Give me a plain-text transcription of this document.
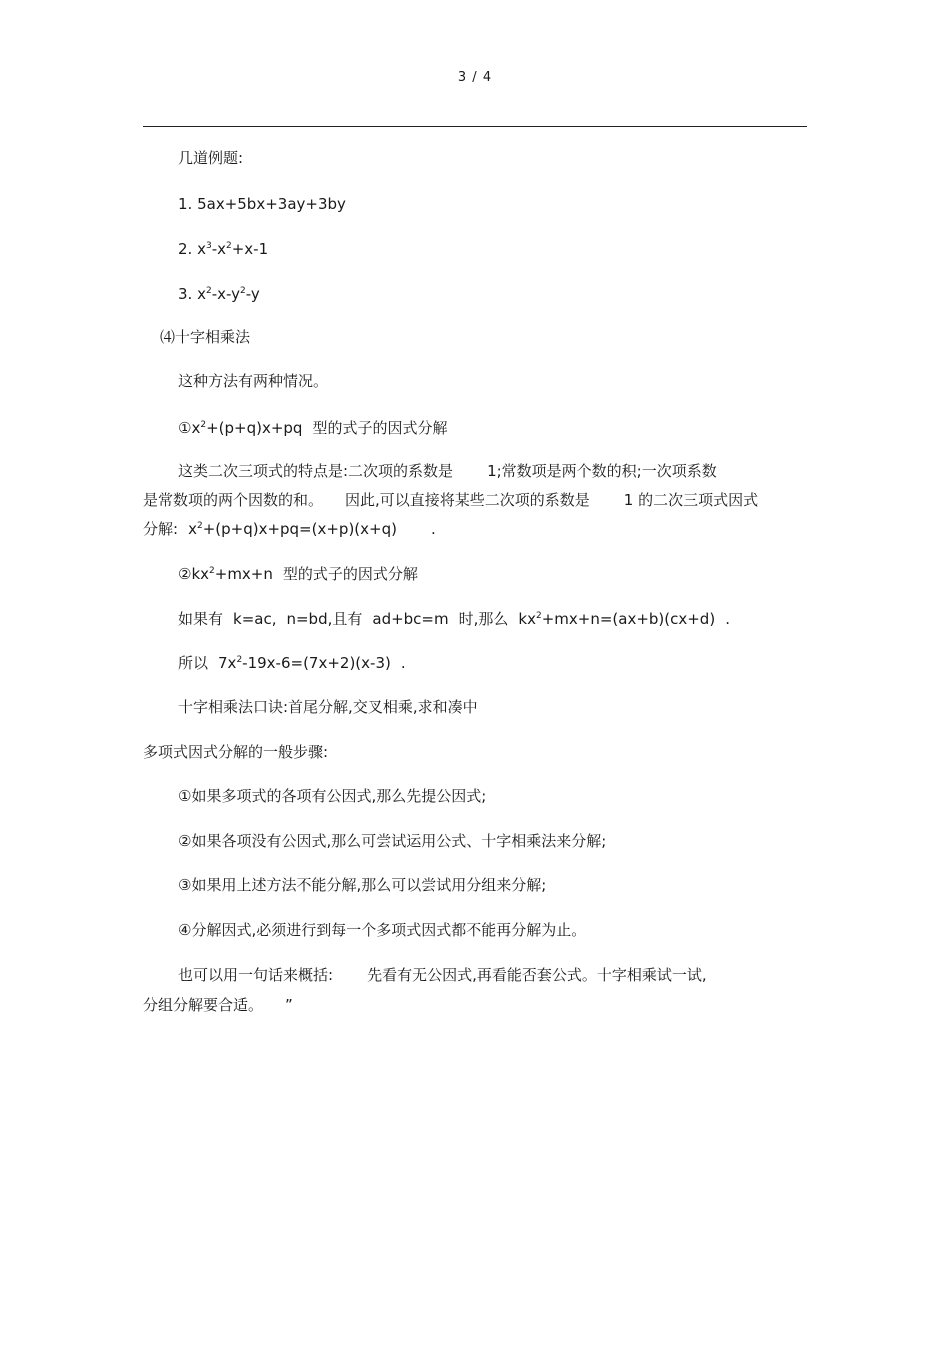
3 / 4
几道例题:
1. 5ax+5bx+3ay+3by
2. $x^3-x^2+x-1$
3. $x^2-x-y^2-y$
⑷十字相乘法
这种方法有两种情况。
$①x^2+(p+q)x+pq$ 型的式子的因式分解
这类二次三项式的特点是:二次项的系数是 1;常数项是两个数的积;一次项系数
是常数项的两个因数的和。 因此,可以直接将某些二次项的系数是 1 的二次三项式因式
分解: $x^2+(p+q)x+pq=(x+p)(x+q)$ .
$②kx^2+mx+n$ 型的式子的因式分解
如果有 k=ac, n=bd,且有 ad+bc=m 时,那么 $kx^2+mx+n=(ax+b)(cx+d)$ .
所以 $7x^2-19x-6=(7x+2)(x-3)$ .
十字相乘法口诀:首尾分解,交叉相乘,求和凑中
多项式因式分解的一般步骤:
①如果多项式的各项有公因式,那么先提公因式;
②如果各项没有公因式,那么可尝试运用公式、十字相乘法来分解;
③如果用上述方法不能分解,那么可以尝试用分组来分解;
④分解因式,必须进行到每一个多项式因式都不能再分解为止。
也可以用一句话来概括: 先看有无公因式,再看能否套公式。十字相乘试一试,
分组分解要合适。 ”
